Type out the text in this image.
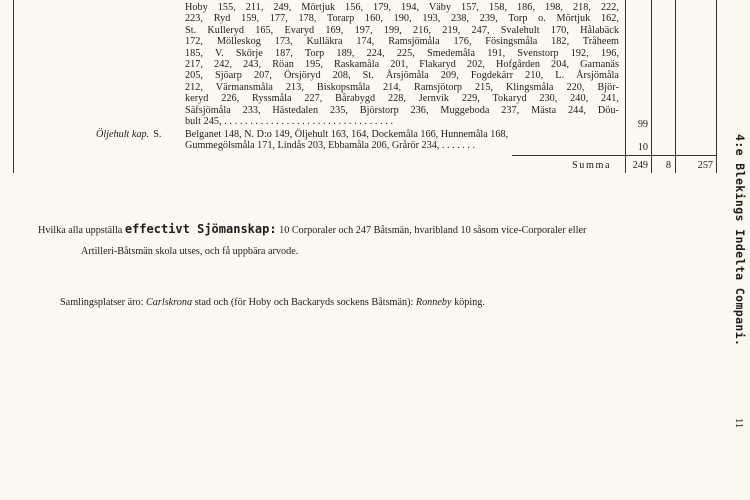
Hoby 155, 211, 249, Mörtjuk 156, 179, 194, Väby 157, 158, 186, 198, 218, 222,
223, Ryd 159, 177, 178, Torarp 160, 190, 193, 238, 239, Torp o. Mörtjuk 162,
St. Kulleryd 165, Evaryd 169, 197, 199, 216, 219, 247, Svalehult 170, Hålabäck
172, Mölleskog 173, Kulläkra 174, Ramsjömåla 176, Fösingsmåla 182, Tråheem
185, V. Skörje 187, Torp 189, 224, 225, Smedemåla 191, Svenstorp 192, 196,
217, 242, 243, Röan 195, Raskamåla 201, Flakaryd 202, Hofgården 204, Garnanäs
205, Sjöarp 207, Örsjöryd 208, St. Årsjömåla 209, Fogdekärr 210, L. Årsjömåla
212, Värmansmåla 213, Biskopsmåla 214, Ramsjötorp 215, Klingsmåla 220, Björ-
keryd 226, Ryssmåla 227, Bårabygd 228, Jernvik 229, Tokaryd 230, 240, 241,
Säfsjömåla 233, Hästedalen 235, Björstorp 236, Muggeboda 237, Mästa 244, Döu-
bult 245, . . . . . . . . . . . . . . . . . . . . . . . . . . . . . . . . .	99
Öljehult kap. S. Belganet 148, N. D:o 149, Öljehult 163, 164, Dockemåla 166, Hunnemåla 168,
Gummegölsmåla 171, Lindås 203, Ebbamåla 206, Grårör 234, . . . . . . .	10
Summa	249	8	257
Hvilka alla uppställa effectivt Sjömanskap: 10 Corporaler och 247 Båtsmän, hvaribland 10 såsom vice-Corporaler eller
Artilleri-Båtsmän skola utses, och få uppbära arvode.
Samlingsplatser äro: Carlskrona stad och (för Hoby och Backaryds sockens Båtsmän): Ronneby köping.	4:e Blekings Indelta Compani.
11
